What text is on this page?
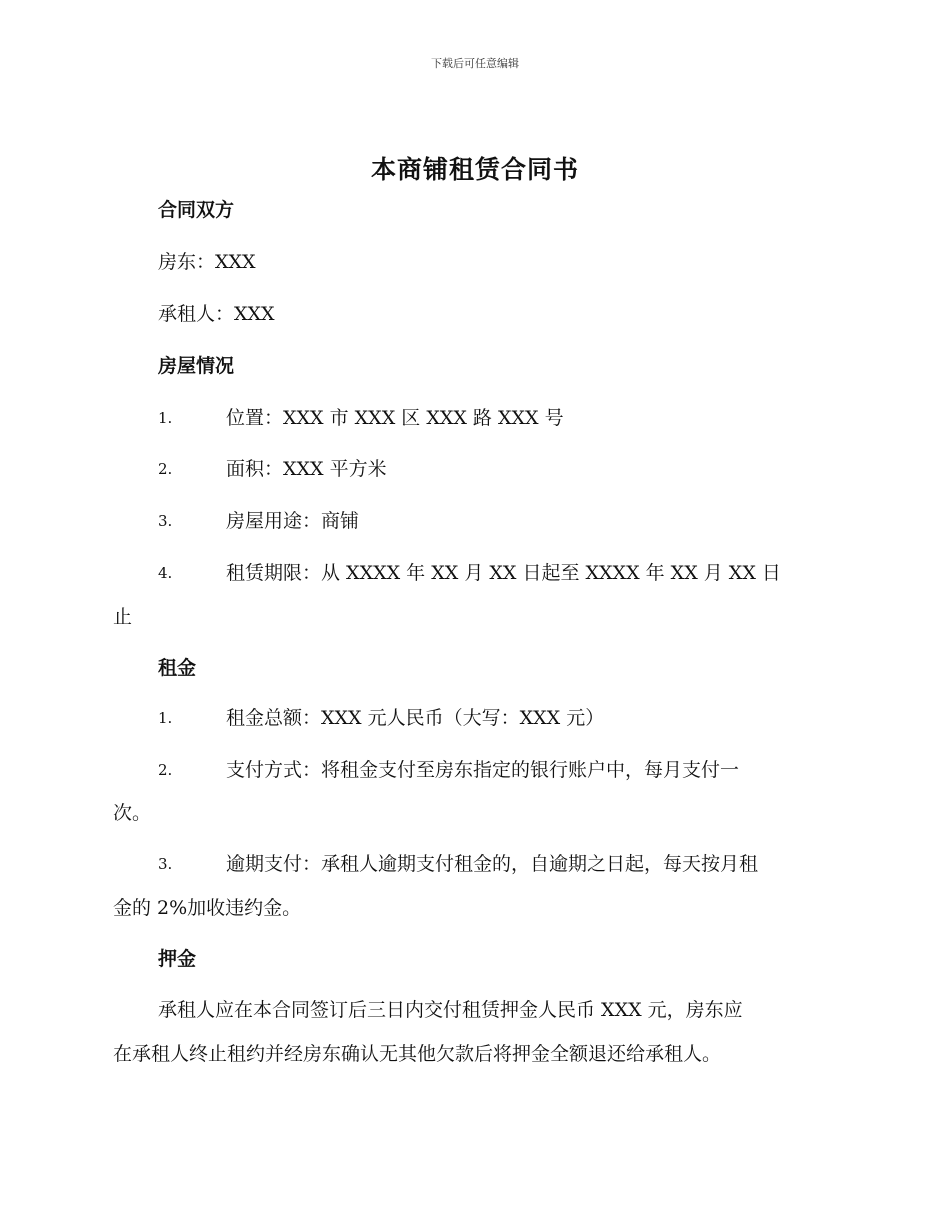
下载后可任意编辑
本商铺租赁合同书
合同双方
房东：XXX
承租人：XXX
房屋情况
1.	位置：XXX 市 XXX 区 XXX 路 XXX 号
2.	面积：XXX 平方米
3.	房屋用途：商铺
4.	租赁期限：从 XXXX 年 XX 月 XX 日起至 XXXX 年 XX 月 XX 日
止
租金
1.	租金总额：XXX 元人民币（大写：XXX 元）
2.	支付方式：将租金支付至房东指定的银行账户中，每月支付一
次。
3.	逾期支付：承租人逾期支付租金的，自逾期之日起，每天按月租
金的 2%加收违约金。
押金
承租人应在本合同签订后三日内交付租赁押金人民币 XXX 元，房东应
在承租人终止租约并经房东确认无其他欠款后将押金全额退还给承租人。
